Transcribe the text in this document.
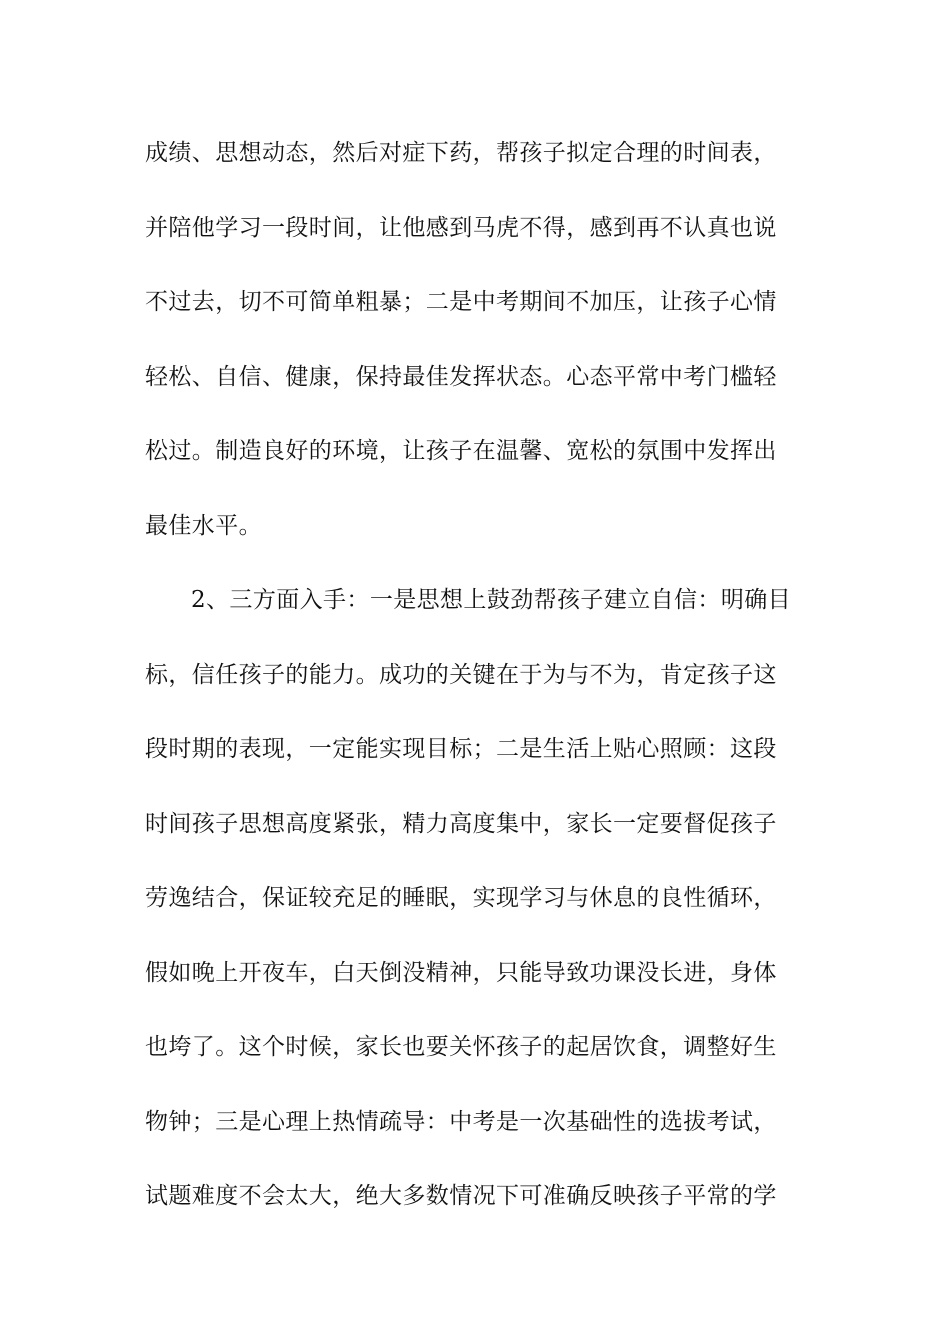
成绩、思想动态，然后对症下药，帮孩子拟定合理的时间表，
并陪他学习一段时间，让他感到马虎不得，感到再不认真也说
不过去，切不可简单粗暴；二是中考期间不加压，让孩子心情
轻松、自信、健康，保持最佳发挥状态。心态平常中考门槛轻
松过。制造良好的环境，让孩子在温馨、宽松的氛围中发挥出
最佳水平。
2、三方面入手：一是思想上鼓劲帮孩子建立自信：明确目
标，信任孩子的能力。成功的关键在于为与不为，肯定孩子这
段时期的表现，一定能实现目标；二是生活上贴心照顾：这段
时间孩子思想高度紧张，精力高度集中，家长一定要督促孩子
劳逸结合，保证较充足的睡眠，实现学习与休息的良性循环，
假如晚上开夜车，白天倒没精神，只能导致功课没长进，身体
也垮了。这个时候，家长也要关怀孩子的起居饮食，调整好生
物钟；三是心理上热情疏导：中考是一次基础性的选拔考试，
试题难度不会太大，绝大多数情况下可准确反映孩子平常的学
